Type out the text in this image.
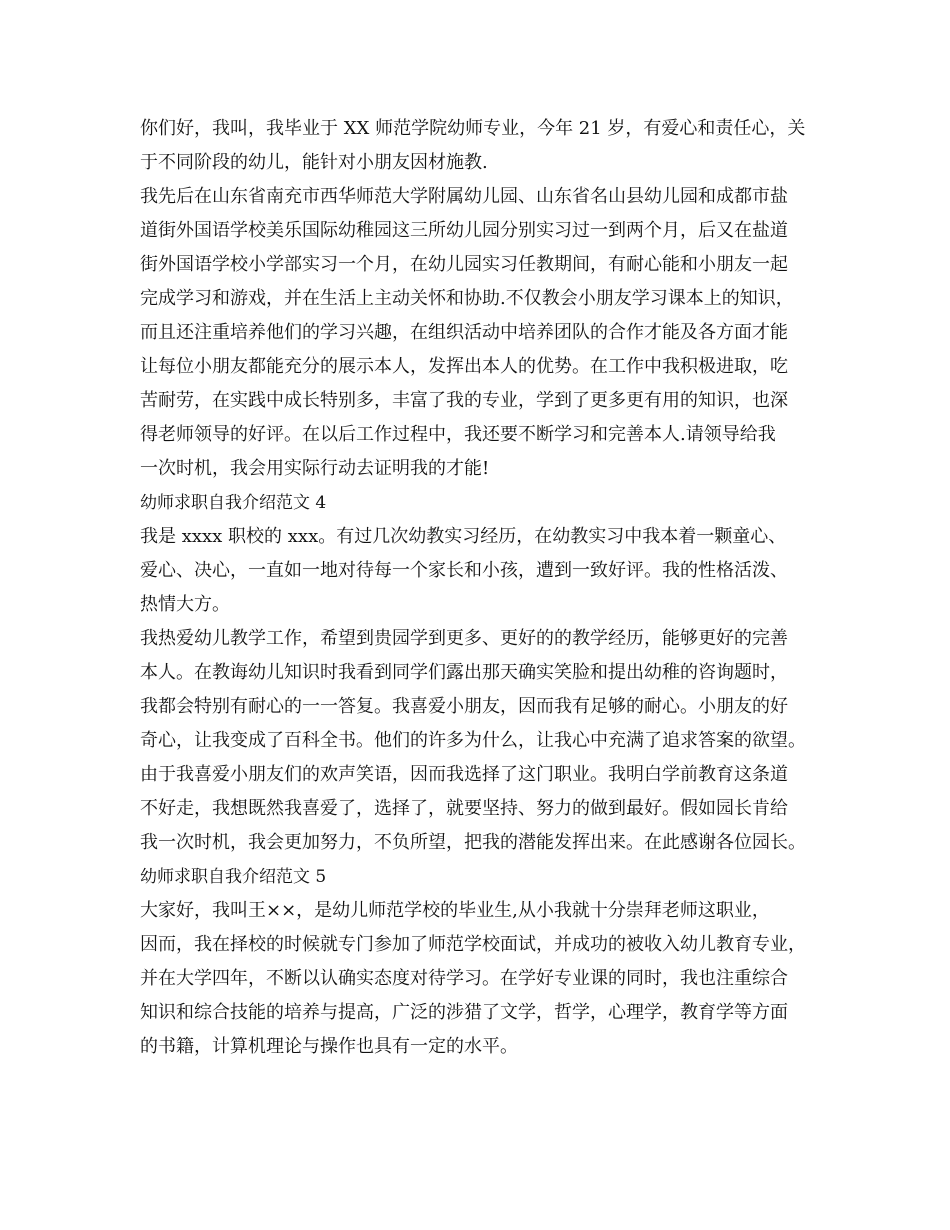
你们好，我叫，我毕业于 XX 师范学院幼师专业，今年 21 岁，有爱心和责任心，关
于不同阶段的幼儿，能针对小朋友因材施教.
我先后在山东省南充市西华师范大学附属幼儿园、山东省名山县幼儿园和成都市盐
道街外国语学校美乐国际幼稚园这三所幼儿园分别实习过一到两个月，后又在盐道
街外国语学校小学部实习一个月，在幼儿园实习任教期间，有耐心能和小朋友一起
完成学习和游戏，并在生活上主动关怀和协助.不仅教会小朋友学习课本上的知识，
而且还注重培养他们的学习兴趣，在组织活动中培养团队的合作才能及各方面才能
让每位小朋友都能充分的展示本人，发挥出本人的优势。在工作中我积极进取，吃
苦耐劳，在实践中成长特别多，丰富了我的专业，学到了更多更有用的知识，也深
得老师领导的好评。在以后工作过程中，我还要不断学习和完善本人.请领导给我
一次时机，我会用实际行动去证明我的才能!
幼师求职自我介绍范文 4
我是 xxxx 职校的 xxx。有过几次幼教实习经历，在幼教实习中我本着一颗童心、
爱心、决心，一直如一地对待每一个家长和小孩，遭到一致好评。我的性格活泼、
热情大方。
我热爱幼儿教学工作，希望到贵园学到更多、更好的的教学经历，能够更好的完善
本人。在教诲幼儿知识时我看到同学们露出那天确实笑脸和提出幼稚的咨询题时，
我都会特别有耐心的一一答复。我喜爱小朋友，因而我有足够的耐心。小朋友的好
奇心，让我变成了百科全书。他们的许多为什么，让我心中充满了追求答案的欲望。
由于我喜爱小朋友们的欢声笑语，因而我选择了这门职业。我明白学前教育这条道
不好走，我想既然我喜爱了，选择了，就要坚持、努力的做到最好。假如园长肯给
我一次时机，我会更加努力，不负所望，把我的潜能发挥出来。在此感谢各位园长。
幼师求职自我介绍范文 5
大家好，我叫王××，是幼儿师范学校的毕业生,从小我就十分崇拜老师这职业，
因而，我在择校的时候就专门参加了师范学校面试，并成功的被收入幼儿教育专业，
并在大学四年，不断以认确实态度对待学习。在学好专业课的同时，我也注重综合
知识和综合技能的培养与提高，广泛的涉猎了文学，哲学，心理学，教育学等方面
的书籍，计算机理论与操作也具有一定的水平。
